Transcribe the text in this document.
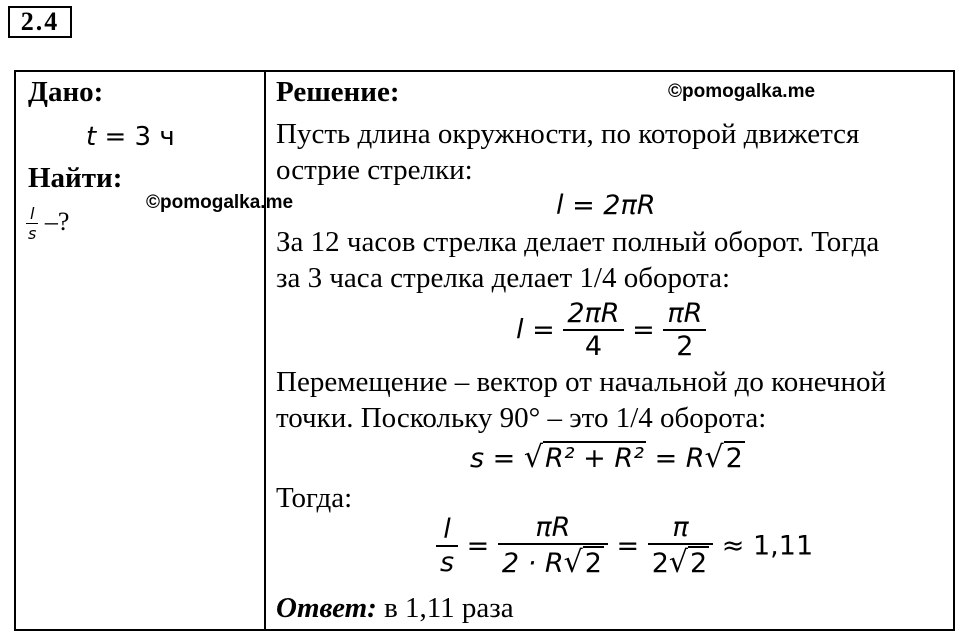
2.4
Дано:
t = 3 ч
Найти:
$\frac{l}{s}$ –?
©pomogalka.me
Решение:	©pomogalka.me
Пусть длина окружности, по которой движется
острие стрелки:
l = 2πR
За 12 часов стрелка делает полный оборот. Тогда
за 3 часа стрелка делает 1/4 оборота:
$l = \frac{2\pi R}{4} = \frac{\pi R}{2}$
Перемещение – вектор от начальной до конечной
точки. Поскольку 90° – это 1/4 оборота:
s = √R² + R² = R√2
Тогда:
$\frac{l}{s} = \frac{\pi R}{2 \cdot R√2} = \frac{\pi}{2√2} \approx 1,11$
Ответ: в 1,11 раза
